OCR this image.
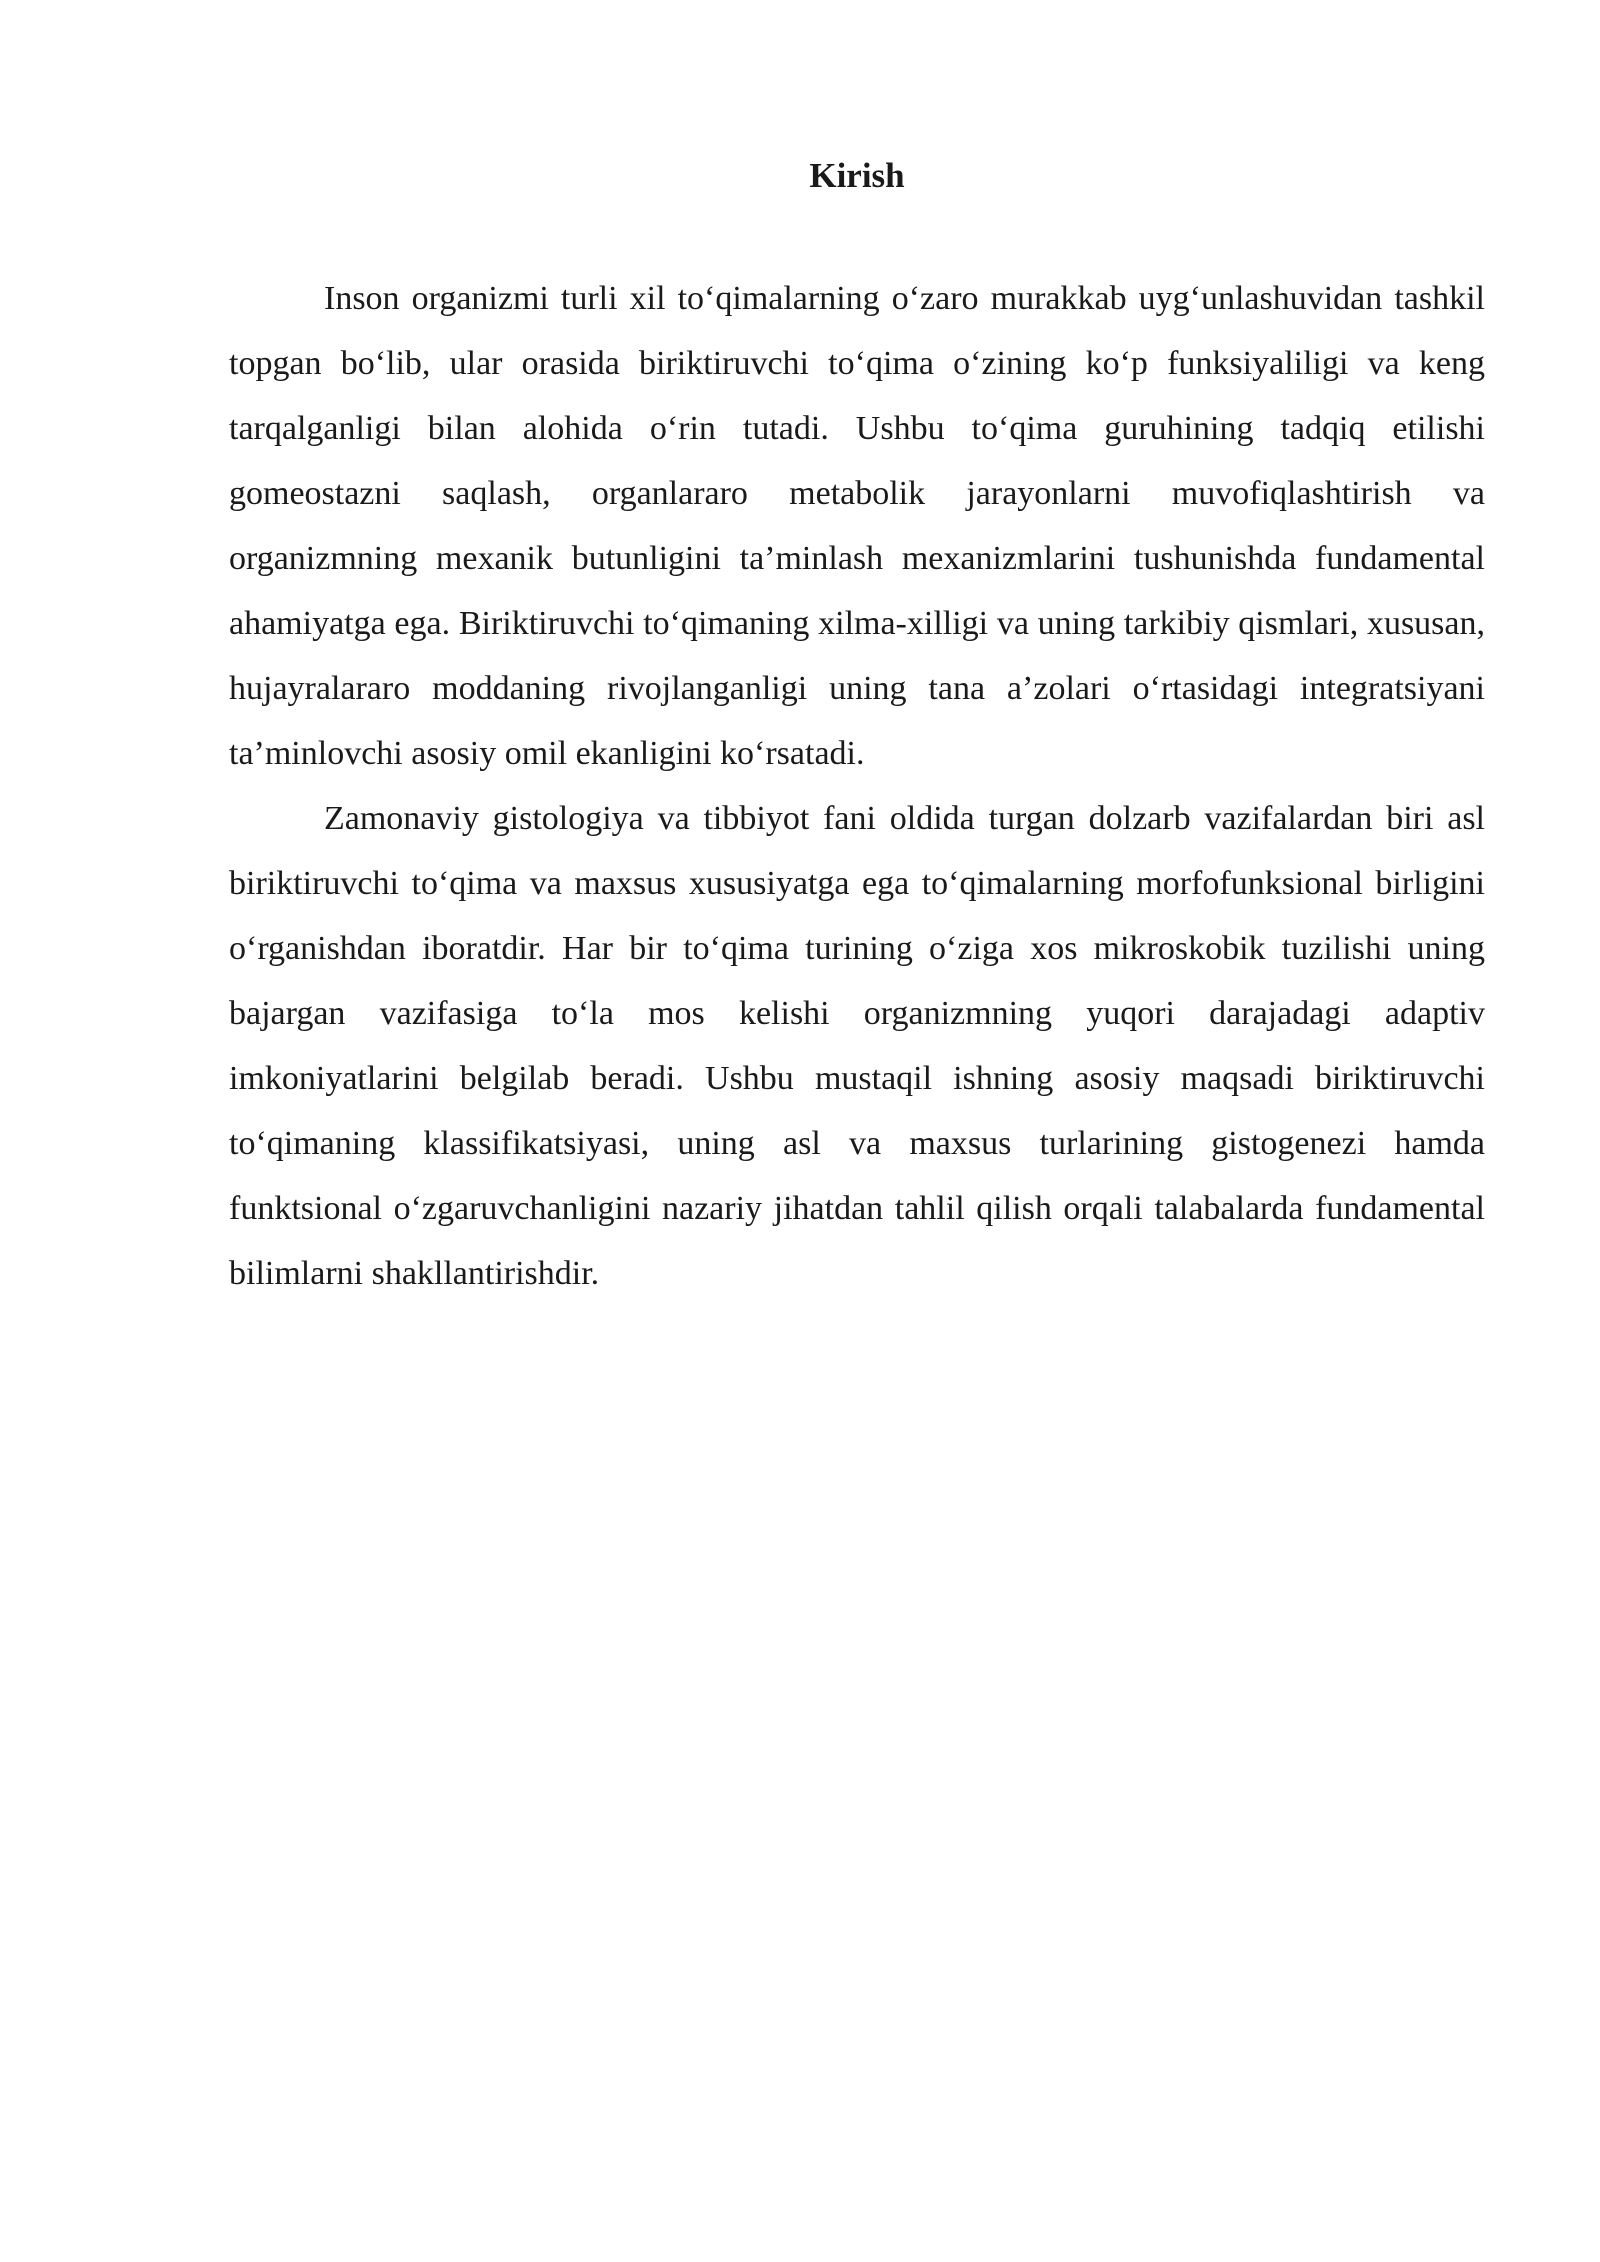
Kirish

Inson organizmi turli xil to‘qimalarning o‘zaro murakkab uyg‘unlashuvidan tashkil topgan bo‘lib, ular orasida biriktiruvchi to‘qima o‘zining ko‘p funksiyaliligi va keng tarqalganligi bilan alohida o‘rin tutadi. Ushbu to‘qima guruhining tadqiq etilishi gomeostazni saqlash, organlararo metabolik jarayonlarni muvofiqlashtirish va organizmning mexanik butunligini ta’minlash mexanizmlarini tushunishda fundamental ahamiyatga ega. Biriktiruvchi to‘qimaning xilma-xilligi va uning tarkibiy qismlari, xususan, hujayralararo moddaning rivojlanganligi uning tana a’zolari o‘rtasidagi integratsiyani ta’minlovchi asosiy omil ekanligini ko‘rsatadi.

Zamonaviy gistologiya va tibbiyot fani oldida turgan dolzarb vazifalardan biri asl biriktiruvchi to‘qima va maxsus xususiyatga ega to‘qimalarning morfofunksional birligini o‘rganishdan iboratdir. Har bir to‘qima turining o‘ziga xos mikroskobik tuzilishi uning bajargan vazifasiga to‘la mos kelishi organizmning yuqori darajadagi adaptiv imkoniyatlarini belgilab beradi. Ushbu mustaqil ishning asosiy maqsadi biriktiruvchi to‘qimaning klassifikatsiyasi, uning asl va maxsus turlarining gistogenezi hamda funktsional o‘zgaruvchanligini nazariy jihatdan tahlil qilish orqali talabalarda fundamental bilimlarni shakllantirishdir.
